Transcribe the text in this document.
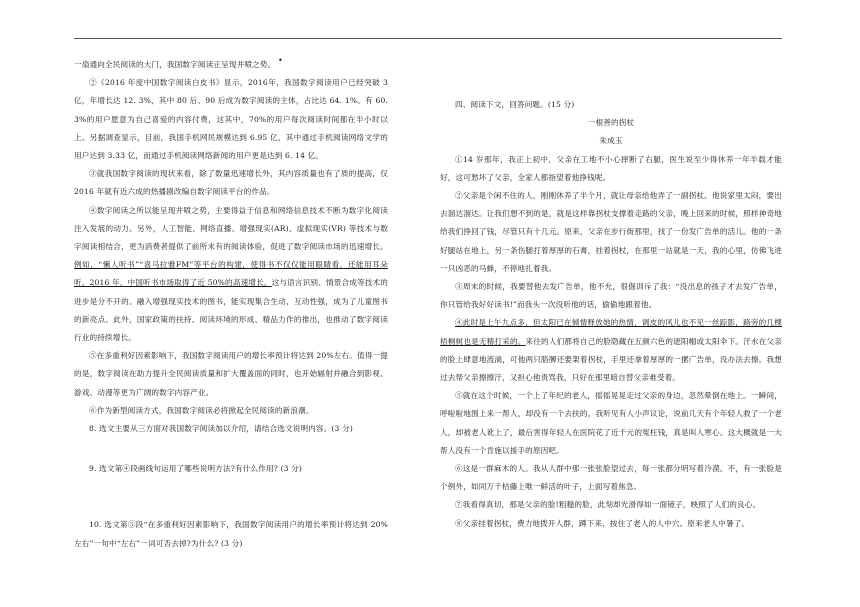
•

一扇通向全民阅读的大门，我国数字阅读正呈现井喷之势。

②《2016 年度中国数字阅读白皮书》显示，2016年，我国数字阅读用户已经突破 3亿，年增长达 12. 3%，其中 80 后、90 后成为数字阅读的主体，占比达 64. 1%。有 60. 3%的用户愿意为自己喜爱的内容付费，这其中，70%的用户每次阅读时间都在半小时以上。另据调查显示，目前，我国手机网民规模达到 6.95 亿，其中通过手机阅读网络文学的用户达到 3.33 亿，而通过手机阅读网络新闻的用户更是达到 6. 14 亿。

③就我国数字阅读的现状来看，除了数量迅速增长外，其内容质量也有了质的提高，仅 2016 年就有近六成的热播剧改编自数字阅读平台的作品。

④数字阅读之所以能呈现井喷之势，主要得益于信息和网络信息技术不断为数字化阅读注入发展的动力。另外，人工智能、网络直播、增强现实(AR)、虚拟现实(VR) 等技术与数字阅读相结合，更为消费者提供了前所未有的阅读体验，促进了数字阅读市场的迅速增长。例如，“懒人听书”“喜马拉雅FM”等平台的构建，使得书不仅仅能用眼睛看，还能用耳朵听。2016 年，中国听书市场取得了近 50%的高速增长。这与语言识别、情景合成等技术的进步是分不开的。融入增强现实技术的图书，能实现集合生动、互动性强，成为了儿童图书的新亮点。此外，国家政策的扶持、阅读环境的形成、精品力作的推出，也推动了数字阅读行业的持续增长。

⑤在多重利好因素影响下，我国数字阅读用户的增长率预计将达到 20%左右。值得一提的是，数字阅读在助力提升全民阅读质量和扩大覆盖面的同时，也开始辐射并融合到影视、游戏、动漫等更为广阔的数字内容产业。

⑥作为新型阅读方式，我国数字阅读必将掀起全民阅读的新浪潮。

8. 选文主要从三方面对我国数字阅读加以介绍，请结合选文说明内容。(3 分)

9. 选文第④段画线句运用了哪些说明方法?有什么作用? (3 分)

10. 选文第⑤段“在多重利好因素影响下，我国数字阅读用户的增长率预计将达到 20%左右”一句中“左右”一词可否去掉?为什么? (3 分)

四、阅读下文，回答问题。(15 分)

一根善的拐杖

朱成玉

①14 岁那年，我正上初中，父亲在工地不小心摔断了右腿，医生说至少得休养一年半载才能好，这可愁坏了父亲，全家人都指望着他挣钱呢。

②父亲是个闲不住的人，刚刚休养了半个月，就让母亲给他弄了一副拐杖。他说家里太闷，要出去溜达溜达。让我们想不到的是，就是这样靠拐杖支撑着走路的父亲，晚上回来的时候，照样神奇地给我们挣回了钱，尽管只有十几元。原来，父亲在步行街那里，找了一份发广告单的活儿。他的一条好腿站在地上，另一条伤腿打着厚厚的石膏，挂着拐杖，在那里一站就是一天，我的心里，仿佛飞进一只凶恶的马蜂，不停地扎着我。

③周末的时候，我要替他去发广告单，他不允，很倔训斥了我：“没出息的孩子才去发广告单，你只管给我好好读书!”而我头一次没听他的话，偷偷地跟着他。

④此时是上午九点多，但太阳已在倾情释放她的热情，调皮的风儿也不见一丝踪影，路旁的几棵梧桐树也是无精打采的。来往的人们都将自己的脸隐藏在五颜六色的遮阳帽或太阳伞下。汗水在父亲的脸上肆意地流淌，可他两只胳膊还要架着拐杖，手里还拿着厚厚的一摞广告单，没办法去擦。我想过去帮父亲擦擦汗，又担心他责骂我，只好在那里暗自替父亲难受着。

⑤就在这个时候，一个上了年纪的老人，摇摇晃晃走过父亲的身边，忽然晕倒在地上。一瞬间，呼啦啦地围上来一帮人，却没有一个去扶的。我听见有人小声议论，说前几天有个年轻人救了一个老人，却被老人讹上了，最后害得年轻人在医院花了近千元的冤枉钱，真是叫人寒心。这大概就是一大帮人没有一个肯施以援手的原因吧。

⑥这是一群麻木的人。我从人群中那一张张脸望过去，每一张都分明写着冷漠。不，有一张脸是个例外，如同万千枯藤上唯一鲜活的叶子，上面写着焦急。

⑦我看得真切，那是父亲的脸!粗糙的脸，此刻却光滑得如一面镜子，映照了人们的良心。

⑧父亲挂着拐杖，费力地拨开人群，蹲下来，按住了老人的人中穴。原来老人中暑了。
